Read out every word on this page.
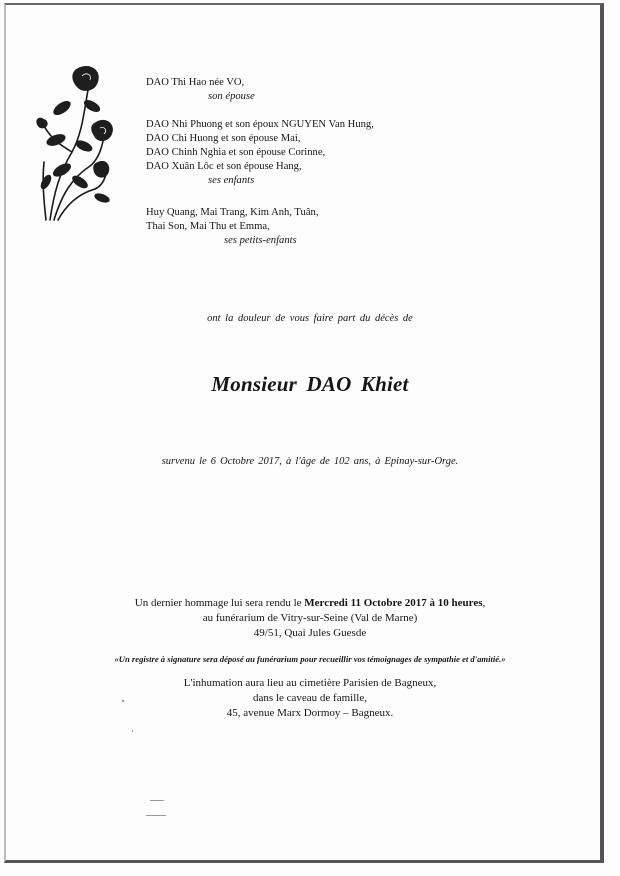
DAO Thi Hao née VO,
son épouse
DAO Nhi Phuong et son époux NGUYEN Van Hung,
DAO Chi Huong et son épouse Mai,
DAO Chinh Nghia et son épouse Corinne,
DAO Xuân Lôc et son épouse Hang,
ses enfants
Huy Quang, Mai Trang, Kim Anh, Tuân,
Thai Son, Mai Thu et Emma,
ses petits-enfants
ont la douleur de vous faire part du décès de
Monsieur DAO Khiet
survenu le 6 Octobre 2017, à l'âge de 102 ans, à Epinay-sur-Orge.
Un dernier hommage lui sera rendu le Mercredi 11 Octobre 2017 à 10 heures,
au funérarium de Vitry-sur-Seine (Val de Marne)
49/51, Quai Jules Guesde
«Un registre à signature sera déposé au funérarium pour recueillir vos témoignages de sympathie et d'amitié.»
L'inhumation aura lieu au cimetière Parisien de Bagneux,
dans le caveau de famille,
45, avenue Marx Dormoy – Bagneux.
